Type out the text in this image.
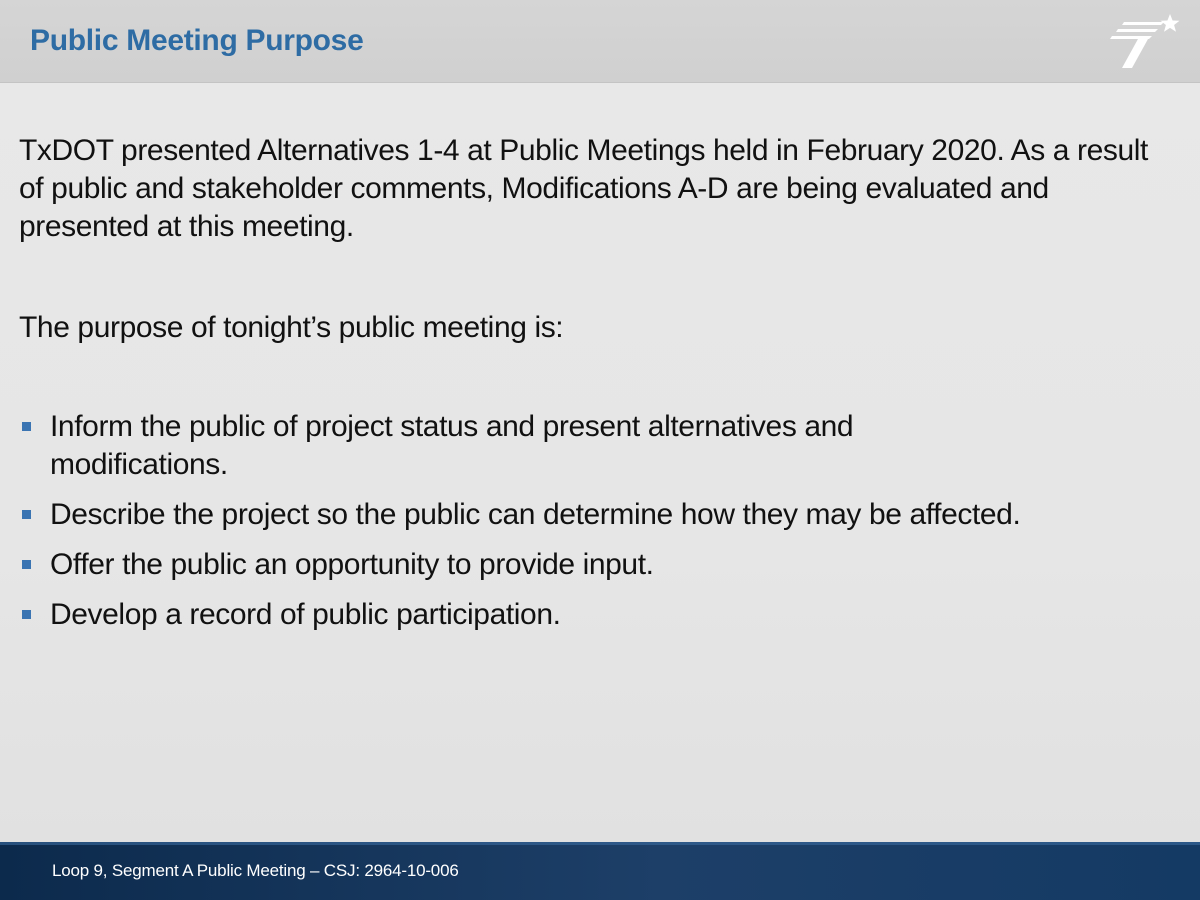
Public Meeting Purpose

TxDOT presented Alternatives 1-4 at Public Meetings held in February 2020. As a result of public and stakeholder comments, Modifications A-D are being evaluated and presented at this meeting.

The purpose of tonight’s public meeting is:

Inform the public of project status and present alternatives and modifications.
Describe the project so the public can determine how they may be affected.
Offer the public an opportunity to provide input.
Develop a record of public participation.
Loop 9, Segment A Public Meeting – CSJ: 2964-10-006
